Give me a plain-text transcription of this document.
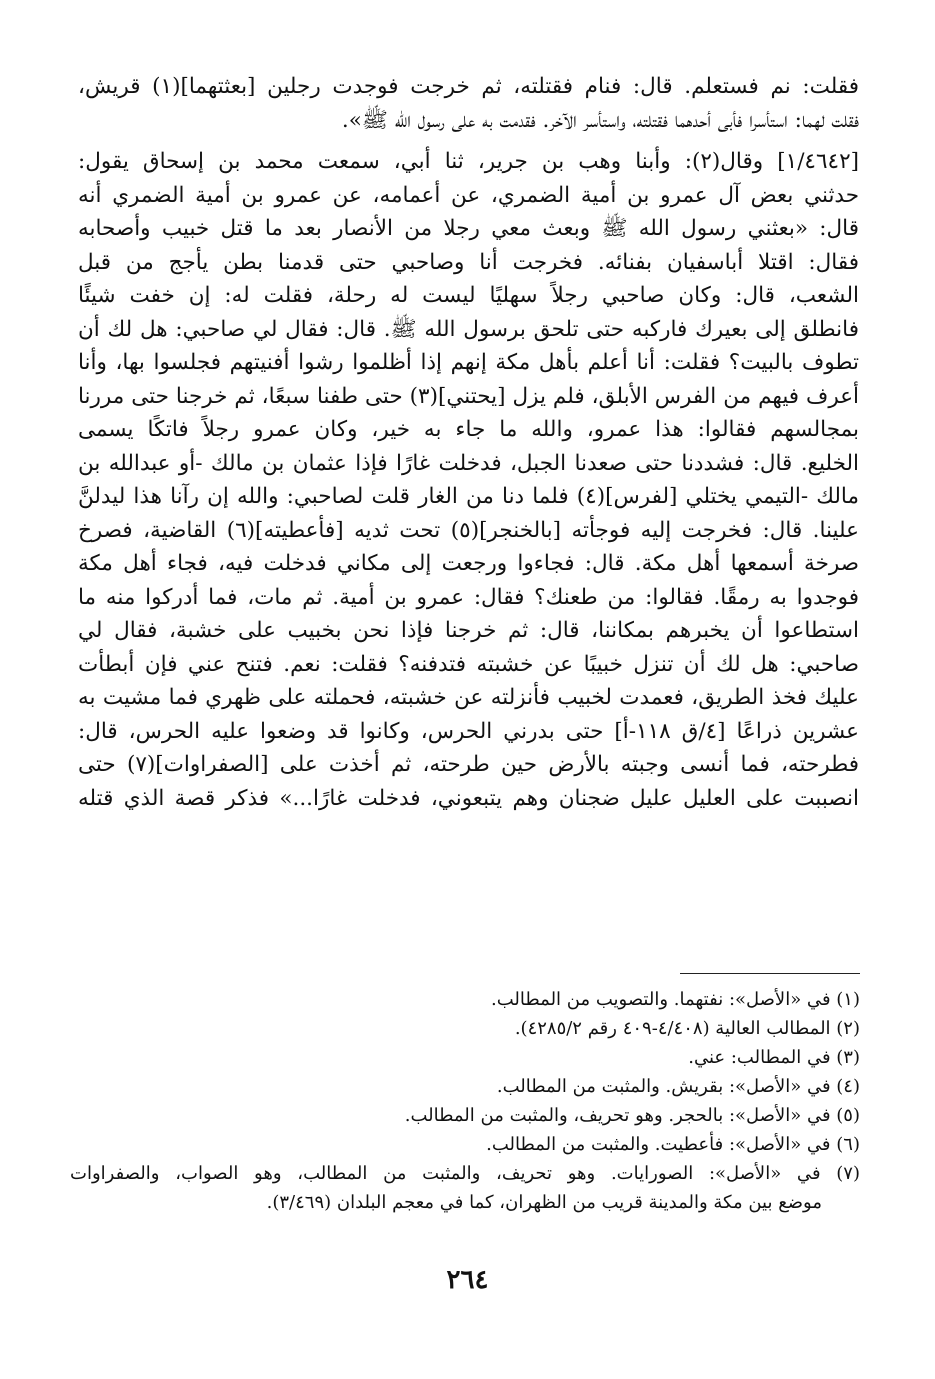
فقلت: نم فستعلم. قال: فنام فقتلته، ثم خرجت فوجدت رجلين [بعثتهما](١) قريش،
فقلت لهما: استأسرا فأبى أحدهما فقتلته، واستأسر الآخر. فقدمت به على رسول الله ﷺ».
[١/٤٦٤٢] وقال(٢): وأبنا وهب بن جرير، ثنا أبي، سمعت محمد بن إسحاق يقول:
حدثني بعض آل عمرو بن أمية الضمري، عن أعمامه، عن عمرو بن أمية الضمري أنه
قال: «بعثني رسول الله ﷺ وبعث معي رجلا من الأنصار بعد ما قتل خبيب وأصحابه
فقال: اقتلا أباسفيان بفنائه. فخرجت أنا وصاحبي حتى قدمنا بطن يأجج من قبل
الشعب، قال: وكان صاحبي رجلاً سهليًا ليست له رحلة، فقلت له: إن خفت شيئًا
فانطلق إلى بعيرك فاركبه حتى تلحق برسول الله ﷺ. قال: فقال لي صاحبي: هل لك أن
تطوف بالبيت؟ فقلت: أنا أعلم بأهل مكة إنهم إذا أظلموا رشوا أفنيتهم فجلسوا بها، وأنا
أعرف فيهم من الفرس الأبلق، فلم يزل [يحتني](٣) حتى طفنا سبعًا، ثم خرجنا حتى مررنا
بمجالسهم فقالوا: هذا عمرو، والله ما جاء به خير، وكان عمرو رجلاً فاتكًا يسمى
الخليع. قال: فشددنا حتى صعدنا الجبل، فدخلت غارًا فإذا عثمان بن مالك -أو عبدالله بن
مالك -التيمي يختلي [لفرس](٤) فلما دنا من الغار قلت لصاحبي: والله إن رآنا هذا ليدلنَّ
علينا. قال: فخرجت إليه فوجأته [بالخنجر](٥) تحت ثديه [فأعطيته](٦) القاضية، فصرخ
صرخة أسمعها أهل مكة. قال: فجاءوا ورجعت إلى مكاني فدخلت فيه، فجاء أهل مكة
فوجدوا به رمقًا. فقالوا: من طعنك؟ فقال: عمرو بن أمية. ثم مات، فما أدركوا منه ما
استطاعوا أن يخبرهم بمكاننا، قال: ثم خرجنا فإذا نحن بخبيب على خشبة، فقال لي
صاحبي: هل لك أن تنزل خبيبًا عن خشبته فتدفنه؟ فقلت: نعم. فتنح عني فإن أبطأت
عليك فخذ الطريق، فعمدت لخبيب فأنزلته عن خشبته، فحملته على ظهري فما مشيت به
عشرين ذراعًا [٤/ق ١١٨-أ] حتى بدرني الحرس، وكانوا قد وضعوا عليه الحرس، قال:
فطرحته، فما أنسى وجبته بالأرض حين طرحته، ثم أخذت على [الصفراوات](٧) حتى
انصببت على العليل عليل ضجنان وهم يتبعوني، فدخلت غارًا...» فذكر قصة الذي قتله
(١) في «الأصل»: نفتهما. والتصويب من المطالب.
(٢) المطالب العالية (٤/٤٠٨-٤٠٩ رقم ٤٢٨٥/٢).
(٣) في المطالب: عني.
(٤) في «الأصل»: بقريش. والمثبت من المطالب.
(٥) في «الأصل»: بالحجر. وهو تحريف، والمثبت من المطالب.
(٦) في «الأصل»: فأعطيت. والمثبت من المطالب.
(٧) في «الأصل»: الصورايات. وهو تحريف، والمثبت من المطالب، وهو الصواب، والصفراوات
موضع بين مكة والمدينة قريب من الظهران، كما في معجم البلدان (٣/٤٦٩).
٢٦٤
